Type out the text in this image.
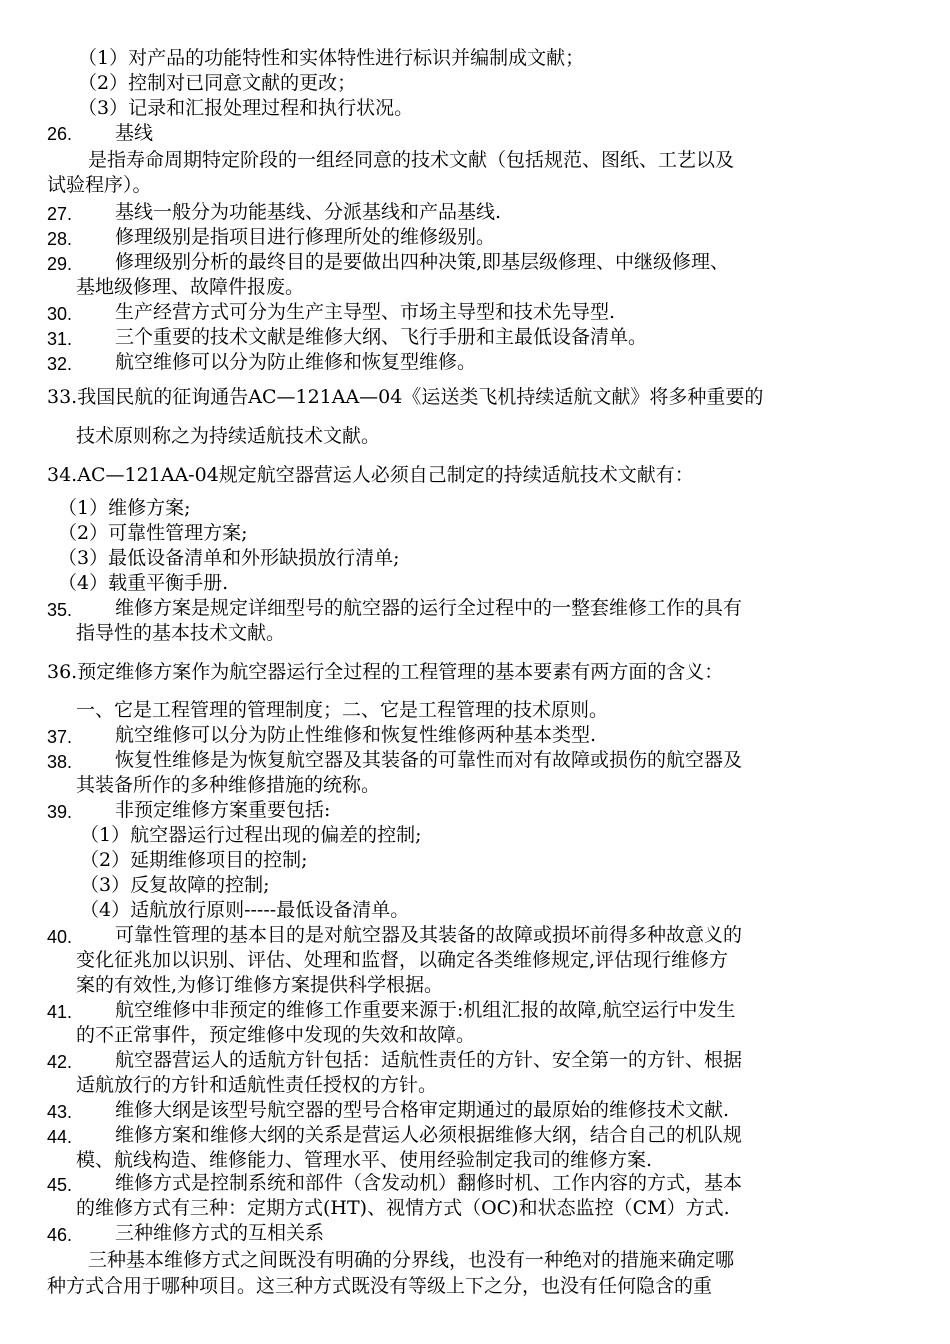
（1）对产品的功能特性和实体特性进行标识并编制成文献；
（2）控制对已同意文献的更改；
（3）记录和汇报处理过程和执行状况。
26. 基线
是指寿命周期特定阶段的一组经同意的技术文献（包括规范、图纸、工艺以及
试验程序）。
27. 基线一般分为功能基线、分派基线和产品基线.
28. 修理级别是指项目进行修理所处的维修级别。
29. 修理级别分析的最终目的是要做出四种决策,即基层级修理、中继级修理、
基地级修理、故障件报废。
30. 生产经营方式可分为生产主导型、市场主导型和技术先导型.
31. 三个重要的技术文献是维修大纲、飞行手册和主最低设备清单。
32. 航空维修可以分为防止维修和恢复型维修。
33.我国民航的征询通告AC—121AA—04《运送类飞机持续适航文献》将多种重要的
技术原则称之为持续适航技术文献。
34.AC—121AA-04规定航空器营运人必须自己制定的持续适航技术文献有：
（1）维修方案;
（2）可靠性管理方案;
（3）最低设备清单和外形缺损放行清单;
（4）载重平衡手册.
35. 维修方案是规定详细型号的航空器的运行全过程中的一整套维修工作的具有
指导性的基本技术文献。
36.预定维修方案作为航空器运行全过程的工程管理的基本要素有两方面的含义：
一、它是工程管理的管理制度；二、它是工程管理的技术原则。
37. 航空维修可以分为防止性维修和恢复性维修两种基本类型.
38. 恢复性维修是为恢复航空器及其装备的可靠性而对有故障或损伤的航空器及
其装备所作的多种维修措施的统称。
39. 非预定维修方案重要包括:
（1）航空器运行过程出现的偏差的控制;
（2）延期维修项目的控制;
（3）反复故障的控制;
（4）适航放行原则-----最低设备清单。
40. 可靠性管理的基本目的是对航空器及其装备的故障或损坏前得多种故意义的
变化征兆加以识别、评估、处理和监督，以确定各类维修规定,评估现行维修方
案的有效性,为修订维修方案提供科学根据。
41. 航空维修中非预定的维修工作重要来源于:机组汇报的故障,航空运行中发生
的不正常事件，预定维修中发现的失效和故障。
42. 航空器营运人的适航方针包括：适航性责任的方针、安全第一的方针、根据
适航放行的方针和适航性责任授权的方针。
43. 维修大纲是该型号航空器的型号合格审定期通过的最原始的维修技术文献.
44. 维修方案和维修大纲的关系是营运人必须根据维修大纲，结合自己的机队规
模、航线构造、维修能力、管理水平、使用经验制定我司的维修方案.
45. 维修方式是控制系统和部件（含发动机）翻修时机、工作内容的方式，基本
的维修方式有三种：定期方式(HT)、视情方式（OC)和状态监控（CM）方式.
46. 三种维修方式的互相关系
三种基本维修方式之间既没有明确的分界线，也没有一种绝对的措施来确定哪
种方式合用于哪种项目。这三种方式既没有等级上下之分，也没有任何隐含的重
